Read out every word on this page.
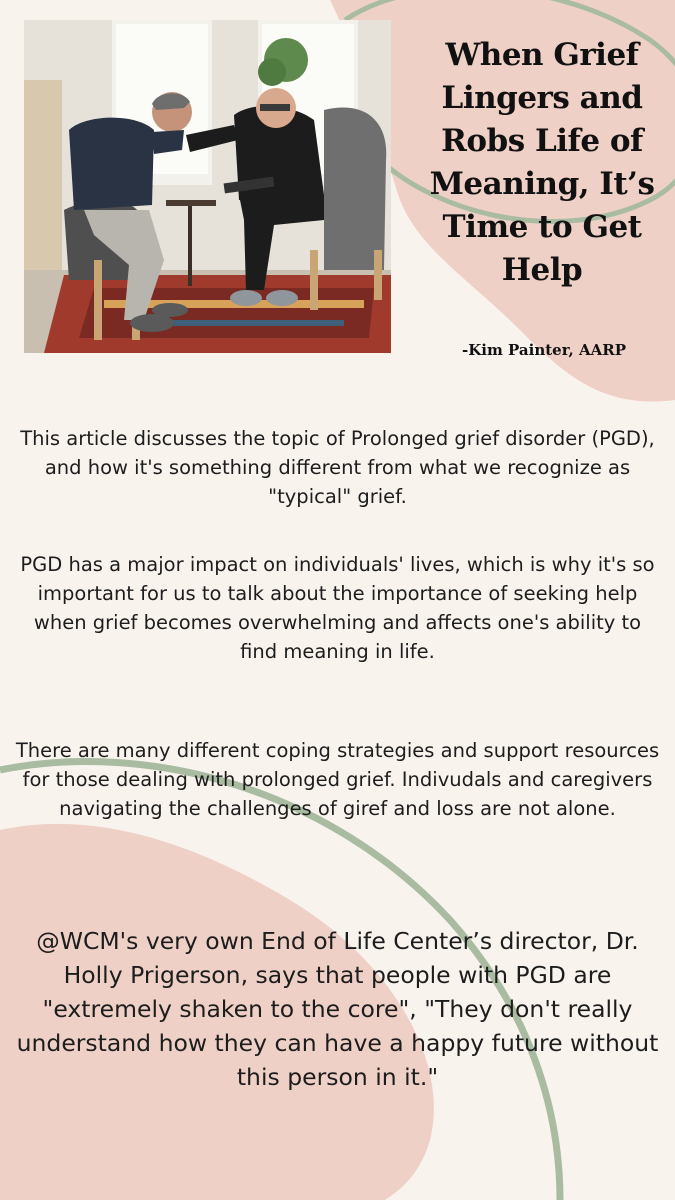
When Grief Lingers and Robs Life of Meaning, It’s Time to Get Help
-Kim Painter, AARP
This article discusses the topic of Prolonged grief disorder (PGD), and how it's something different from what we recognize as "typical" grief.
PGD has a major impact on individuals' lives, which is why it's so important for us to talk about the importance of seeking help when grief becomes overwhelming and affects one's ability to find meaning in life.
There are many different coping strategies and support resources for those dealing with prolonged grief. Indivudals and caregivers navigating the challenges of giref and loss are not alone.
@WCM's very own End of Life Center’s director, Dr. Holly Prigerson, says that people with PGD are "extremely shaken to the core", "They don't really understand how they can have a happy future without this person in it."
